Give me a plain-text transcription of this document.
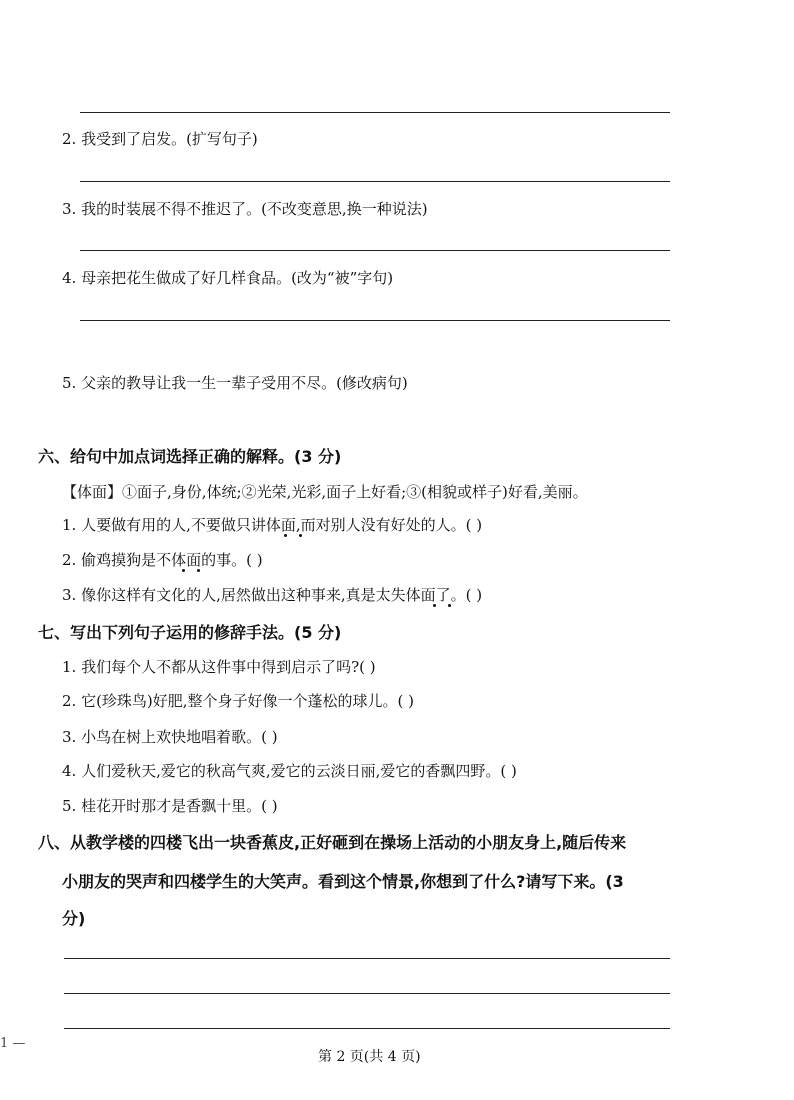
2. 我受到了启发。(扩写句子)
3. 我的时装展不得不推迟了。(不改变意思,换一种说法)
4. 母亲把花生做成了好几样食品。(改为“被”字句)
5. 父亲的教导让我一生一辈子受用不尽。(修改病句)
六、给句中加点词选择正确的解释。(3 分)
【体面】①面子,身份,体统;②光荣,光彩,面子上好看;③(相貌或样子)好看,美丽。
1. 人要做有用的人,不要做只讲体面,而对别人没有好处的人。( )
2. 偷鸡摸狗是不体面的事。( )
3. 像你这样有文化的人,居然做出这种事来,真是太失体面了。( )
七、写出下列句子运用的修辞手法。(5 分)
1. 我们每个人不都从这件事中得到启示了吗?( )
2. 它(珍珠鸟)好肥,整个身子好像一个蓬松的球儿。( )
3. 小鸟在树上欢快地唱着歌。( )
4. 人们爱秋天,爱它的秋高气爽,爱它的云淡日丽,爱它的香飘四野。( )
5. 桂花开时那才是香飘十里。( )
八、从教学楼的四楼飞出一块香蕉皮,正好砸到在操场上活动的小朋友身上,随后传来
小朋友的哭声和四楼学生的大笑声。看到这个情景,你想到了什么?请写下来。(3
分)
1 —
第 2 页(共 4 页)
